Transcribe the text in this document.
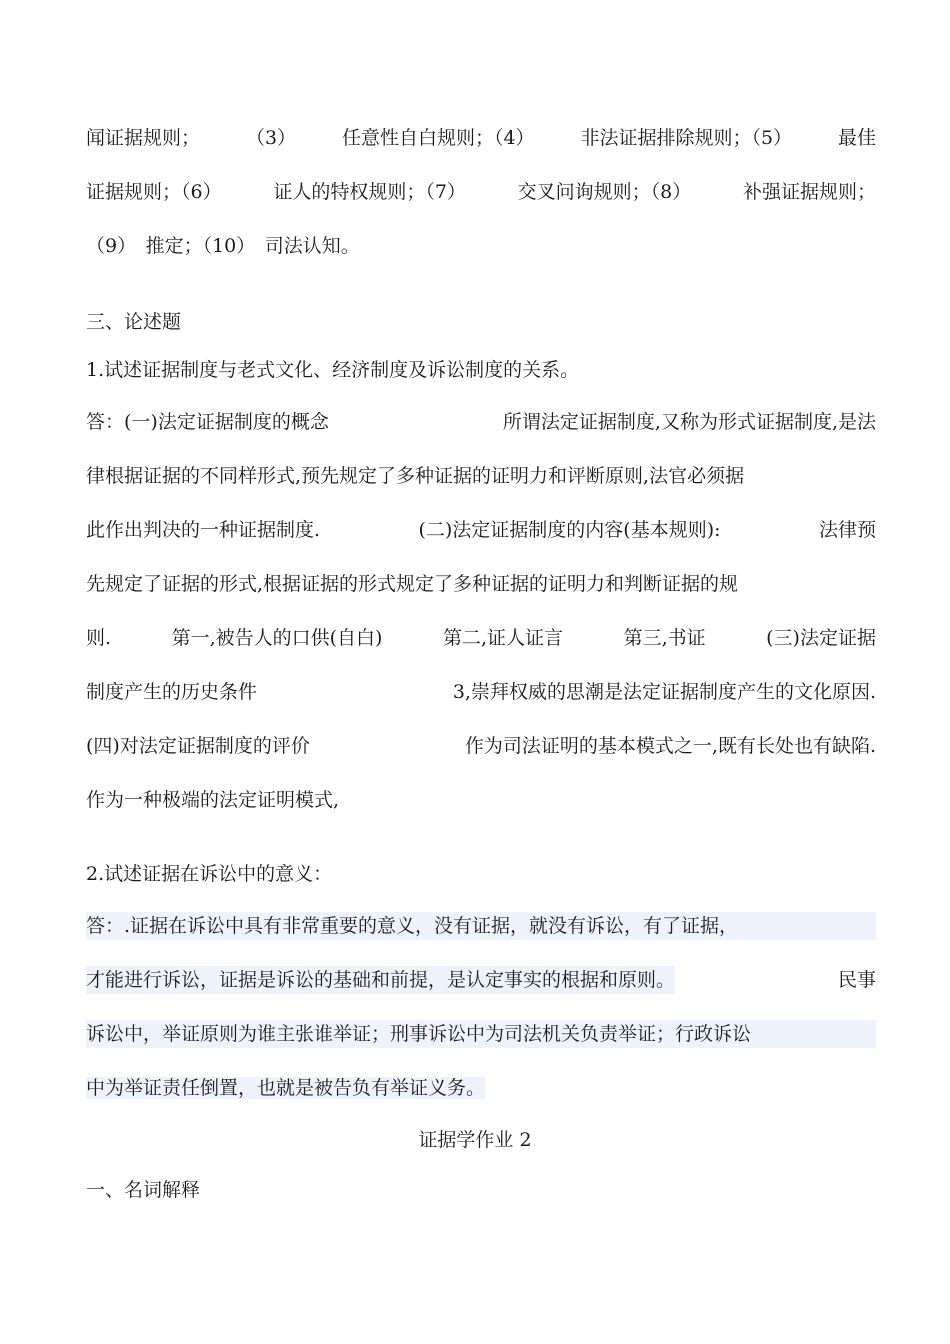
闻证据规则； （3） 任意性自白规则；（4） 非法证据排除规则；（5） 最佳
证据规则；（6）	证人的特权规则；（7）	交叉问询规则；（8）	补强证据规则；
（9）　推定；（10）　司法认知。
三、论述题
1.试述证据制度与老式文化、经济制度及诉讼制度的关系。
答：(一)法定证据制度的概念	所谓法定证据制度,又称为形式证据制度,是法
律根据证据的不同样形式,预先规定了多种证据的证明力和评断原则,法官必须据
此作出判决的一种证据制度.	(二)法定证据制度的内容(基本规则):	法律预
先规定了证据的形式,根据证据的形式规定了多种证据的证明力和判断证据的规
则.	第一,被告人的口供(自白)	第二,证人证言	第三,书证	(三)法定证据
制度产生的历史条件	3,崇拜权威的思潮是法定证据制度产生的文化原因.
(四)对法定证据制度的评价	作为司法证明的基本模式之一,既有长处也有缺陷.
作为一种极端的法定证明模式,
2.试述证据在诉讼中的意义：
答：.证据在诉讼中具有非常重要的意义，没有证据，就没有诉讼，有了证据，
才能进行诉讼，证据是诉讼的基础和前提，是认定事实的根据和原则。	民事
诉讼中，举证原则为谁主张谁举证；刑事诉讼中为司法机关负责举证；行政诉讼
中为举证责任倒置，也就是被告负有举证义务。
证据学作业 2
一、名词解释
